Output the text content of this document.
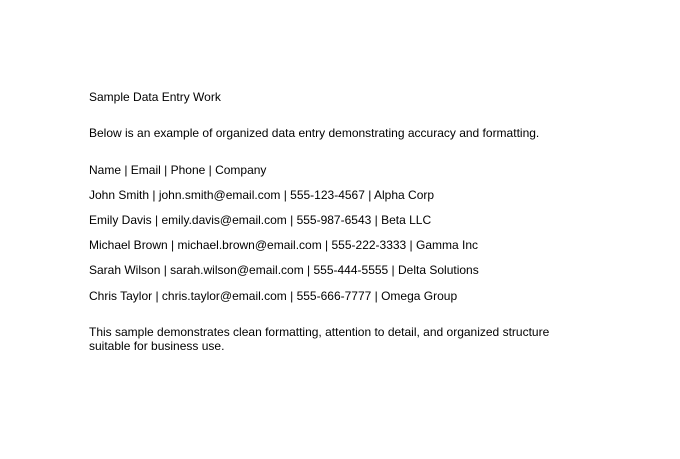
Sample Data Entry Work
Below is an example of organized data entry demonstrating accuracy and formatting.
Name | Email | Phone | Company
John Smith | john.smith@email.com | 555-123-4567 | Alpha Corp
Emily Davis | emily.davis@email.com | 555-987-6543 | Beta LLC
Michael Brown | michael.brown@email.com | 555-222-3333 | Gamma Inc
Sarah Wilson | sarah.wilson@email.com | 555-444-5555 | Delta Solutions
Chris Taylor | chris.taylor@email.com | 555-666-7777 | Omega Group
This sample demonstrates clean formatting, attention to detail, and organized structure suitable for business use.
